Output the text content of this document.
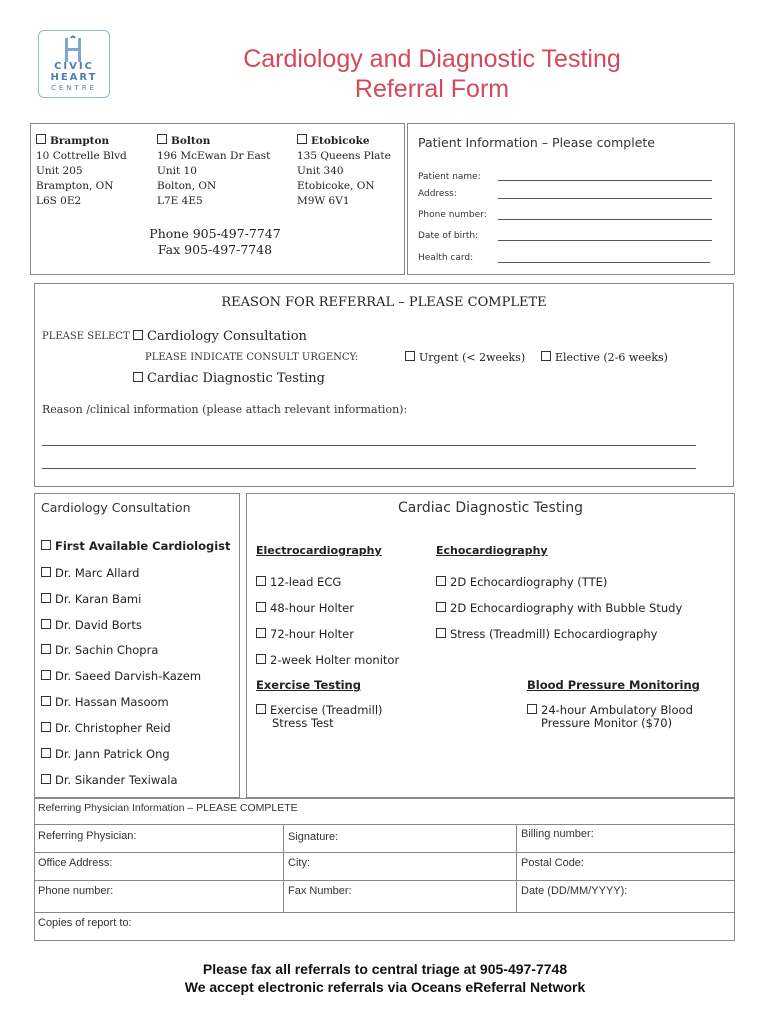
CIVIC
HEART
CENTRE
Cardiology and Diagnostic Testing
Referral Form
Brampton
10 Cottrelle Blvd
Unit 205
Brampton, ON
L6S 0E2
Bolton
196 McEwan Dr East
Unit 10
Bolton, ON
L7E 4E5
Etobicoke
135 Queens Plate
Unit 340
Etobicoke, ON
M9W 6V1
Phone 905-497-7747
Fax 905-497-7748
Patient Information – Please complete
Patient name:
Address:
Phone number:
Date of birth:
Health card:
REASON FOR REFERRAL – PLEASE COMPLETE
PLEASE SELECT	Cardiology Consultation
PLEASE INDICATE CONSULT URGENCY:	Urgent (< 2weeks)	Elective (2-6 weeks)
Cardiac Diagnostic Testing
Reason /clinical information (please attach relevant information):
Cardiology Consultation
First Available Cardiologist
Dr. Marc Allard
Dr. Karan Bami
Dr. David Borts
Dr. Sachin Chopra
Dr. Saeed Darvish-Kazem
Dr. Hassan Masoom
Dr. Christopher Reid
Dr. Jann Patrick Ong
Dr. Sikander Texiwala
Cardiac Diagnostic Testing
Electrocardiography	Echocardiography
12-lead ECG
48-hour Holter
72-hour Holter
2-week Holter monitor
2D Echocardiography (TTE)
2D Echocardiography with Bubble Study
Stress (Treadmill) Echocardiography
Exercise Testing	Blood Pressure Monitoring
Exercise (Treadmill)
Stress Test
24-hour Ambulatory Blood
Pressure Monitor ($70)
Referring Physician Information – PLEASE COMPLETE
Referring Physician:	Signature:	Billing number:
Office Address:	City:	Postal Code:
Phone number:	Fax Number:	Date (DD/MM/YYYY):
Copies of report to:
Please fax all referrals to central triage at 905-497-7748
We accept electronic referrals via Oceans eReferral Network
